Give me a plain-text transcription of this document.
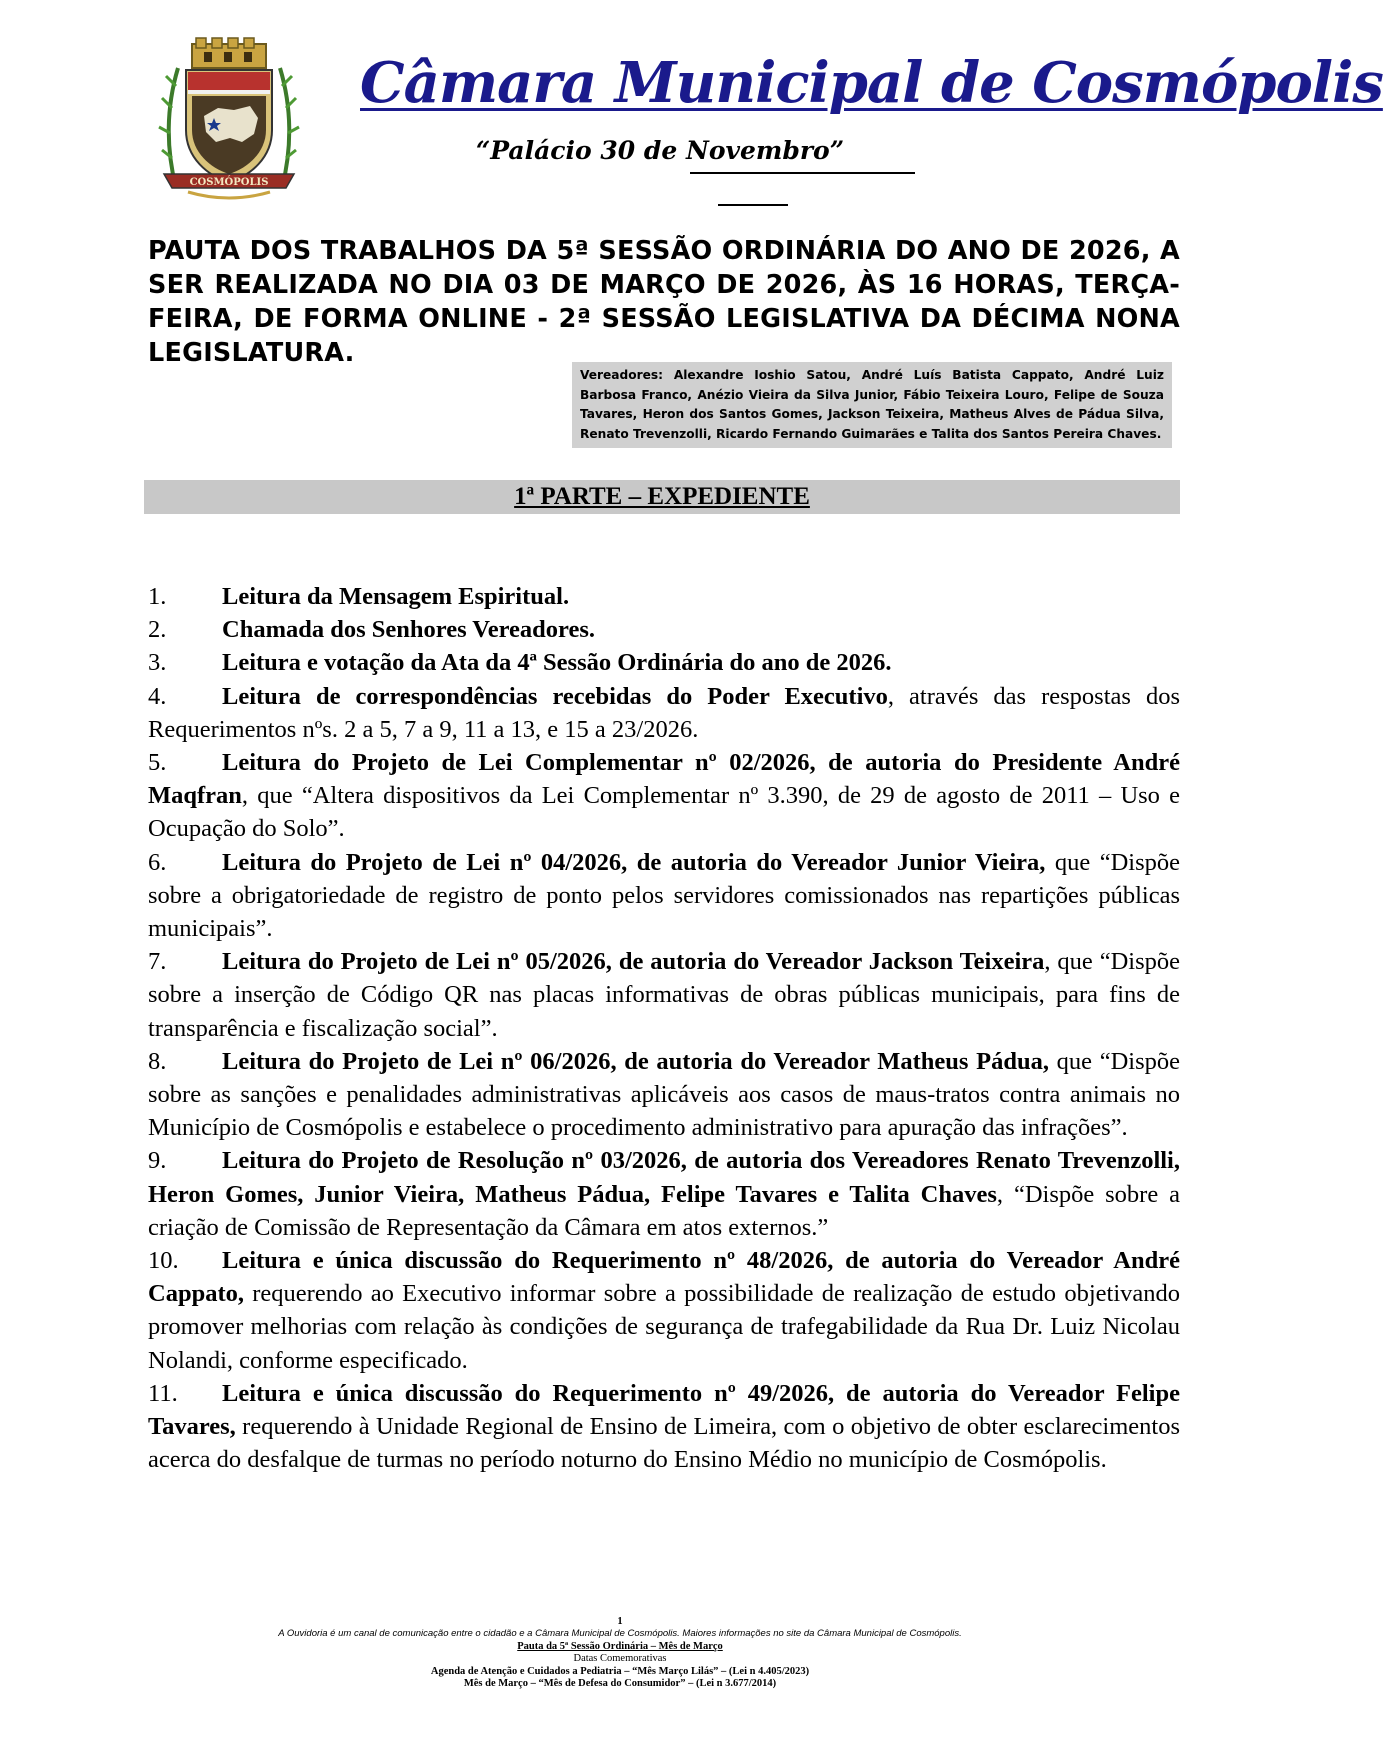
COSMÓPOLIS
Câmara Municipal de Cosmópolis
“Palácio 30 de Novembro”
PAUTA DOS TRABALHOS DA 5ª SESSÃO ORDINÁRIA DO ANO DE 2026, A SER REALIZADA NO DIA 03 DE MARÇO DE 2026, ÀS 16 HORAS, TERÇA-FEIRA, DE FORMA ONLINE - 2ª SESSÃO LEGISLATIVA DA DÉCIMA NONA LEGISLATURA.
Vereadores: Alexandre Ioshio Satou, André Luís Batista Cappato, André Luiz Barbosa Franco, Anézio Vieira da Silva Junior, Fábio Teixeira Louro, Felipe de Souza Tavares, Heron dos Santos Gomes, Jackson Teixeira, Matheus Alves de Pádua Silva, Renato Trevenzolli, Ricardo Fernando Guimarães e Talita dos Santos Pereira Chaves.
1ª PARTE – EXPEDIENTE

1. Leitura da Mensagem Espiritual.

2. Chamada dos Senhores Vereadores.

3. Leitura e votação da Ata da 4ª Sessão Ordinária do ano de 2026.

4. Leitura de correspondências recebidas do Poder Executivo, através das respostas dos Requerimentos nºs. 2 a 5, 7 a 9, 11 a 13, e 15 a 23/2026.

5. Leitura do Projeto de Lei Complementar nº 02/2026, de autoria do Presidente André Maqfran, que “Altera dispositivos da Lei Complementar nº 3.390, de 29 de agosto de 2011 – Uso e Ocupação do Solo”.

6. Leitura do Projeto de Lei nº 04/2026, de autoria do Vereador Junior Vieira, que “Dispõe sobre a obrigatoriedade de registro de ponto pelos servidores comissionados nas repartições públicas municipais”.

7. Leitura do Projeto de Lei nº 05/2026, de autoria do Vereador Jackson Teixeira, que “Dispõe sobre a inserção de Código QR nas placas informativas de obras públicas municipais, para fins de transparência e fiscalização social”.

8. Leitura do Projeto de Lei nº 06/2026, de autoria do Vereador Matheus Pádua, que “Dispõe sobre as sanções e penalidades administrativas aplicáveis aos casos de maus-tratos contra animais no Município de Cosmópolis e estabelece o procedimento administrativo para apuração das infrações”.

9. Leitura do Projeto de Resolução nº 03/2026, de autoria dos Vereadores Renato Trevenzolli, Heron Gomes, Junior Vieira, Matheus Pádua, Felipe Tavares e Talita Chaves, “Dispõe sobre a criação de Comissão de Representação da Câmara em atos externos.”

10. Leitura e única discussão do Requerimento nº 48/2026, de autoria do Vereador André Cappato, requerendo ao Executivo informar sobre a possibilidade de realização de estudo objetivando promover melhorias com relação às condições de segurança de trafegabilidade da Rua Dr. Luiz Nicolau Nolandi, conforme especificado.

11. Leitura e única discussão do Requerimento nº 49/2026, de autoria do Vereador Felipe Tavares, requerendo à Unidade Regional de Ensino de Limeira, com o objetivo de obter esclarecimentos acerca do desfalque de turmas no período noturno do Ensino Médio no município de Cosmópolis.

1
A Ouvidoria é um canal de comunicação entre o cidadão e a Câmara Municipal de Cosmópolis. Maiores informações no site da Câmara Municipal de Cosmópolis.
Pauta da 5ª Sessão Ordinária – Mês de Março
Datas Comemorativas
Agenda de Atenção e Cuidados a Pediatria – “Mês Março Lilás” – (Lei n 4.405/2023)
Mês de Março – “Mês de Defesa do Consumidor” – (Lei n 3.677/2014)
